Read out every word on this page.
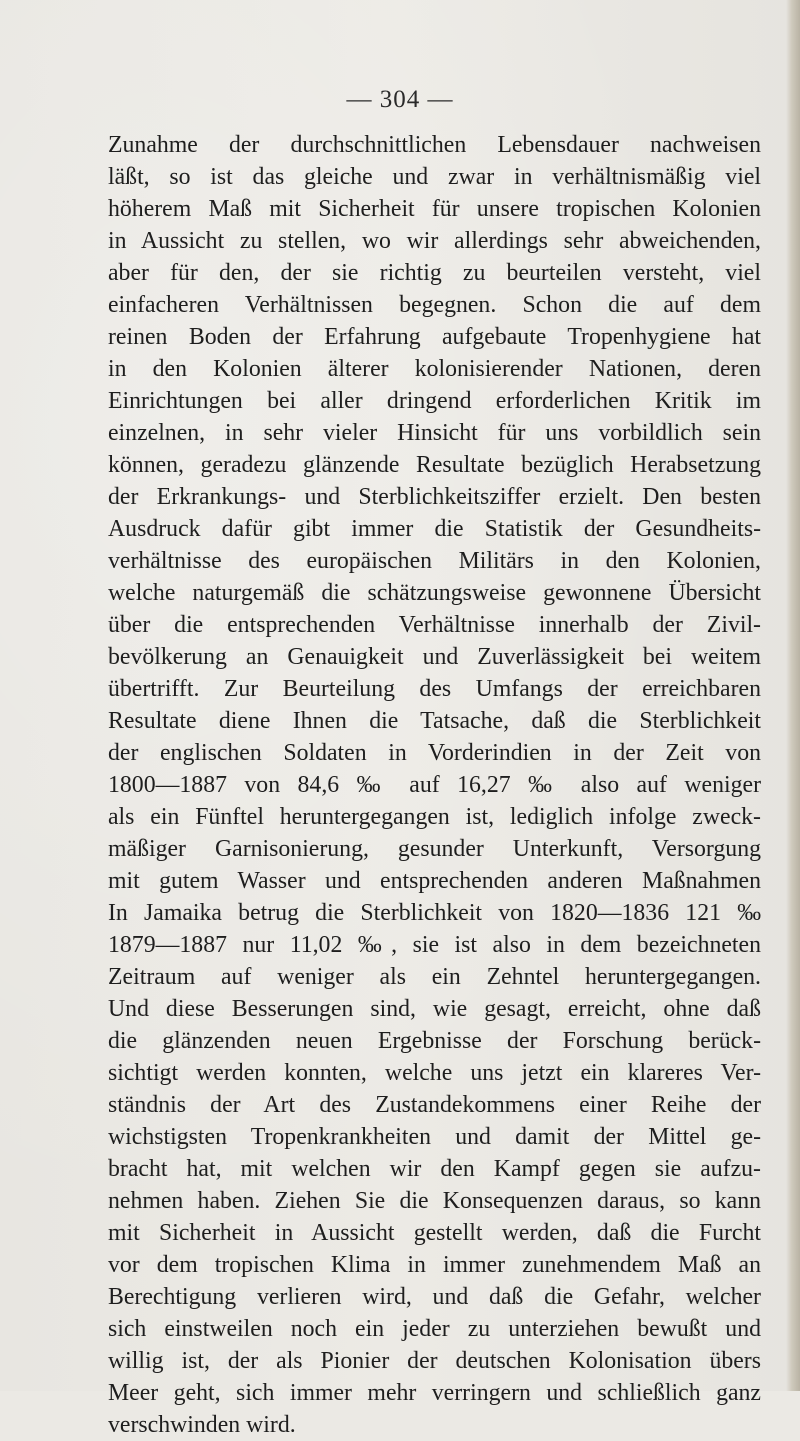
— 304 —
Zunahme der durchschnittlichen Lebensdauer nachweisen
läßt, so ist das gleiche und zwar in verhältnismäßig viel
höherem Maß mit Sicherheit für unsere tropischen Kolonien
in Aussicht zu stellen, wo wir allerdings sehr abweichenden,
aber für den, der sie richtig zu beurteilen versteht, viel
einfacheren Verhältnissen begegnen. Schon die auf dem
reinen Boden der Erfahrung aufgebaute Tropenhygiene hat
in den Kolonien älterer kolonisierender Nationen, deren
Einrichtungen bei aller dringend erforderlichen Kritik im
einzelnen, in sehr vieler Hinsicht für uns vorbildlich sein
können, geradezu glänzende Resultate bezüglich Herabsetzung
der Erkrankungs- und Sterblichkeitsziffer erzielt. Den besten
Ausdruck dafür gibt immer die Statistik der Gesundheits-
verhältnisse des europäischen Militärs in den Kolonien,
welche naturgemäß die schätzungsweise gewonnene Übersicht
über die entsprechenden Verhältnisse innerhalb der Zivil-
bevölkerung an Genauigkeit und Zuverlässigkeit bei weitem
übertrifft. Zur Beurteilung des Umfangs der erreichbaren
Resultate diene Ihnen die Tatsache, daß die Sterblichkeit
der englischen Soldaten in Vorderindien in der Zeit von
1800—1887 von 84,6 ‰ auf 16,27 ‰ also auf weniger
als ein Fünftel heruntergegangen ist, lediglich infolge zweck-
mäßiger Garnisonierung, gesunder Unterkunft, Versorgung
mit gutem Wasser und entsprechenden anderen Maßnahmen
In Jamaika betrug die Sterblichkeit von 1820—1836 121 ‰
1879—1887 nur 11,02 ‰, sie ist also in dem bezeichneten
Zeitraum auf weniger als ein Zehntel heruntergegangen.
Und diese Besserungen sind, wie gesagt, erreicht, ohne daß
die glänzenden neuen Ergebnisse der Forschung berück-
sichtigt werden konnten, welche uns jetzt ein klareres Ver-
ständnis der Art des Zustandekommens einer Reihe der
wichstigsten Tropenkrankheiten und damit der Mittel ge-
bracht hat, mit welchen wir den Kampf gegen sie aufzu-
nehmen haben. Ziehen Sie die Konsequenzen daraus, so kann
mit Sicherheit in Aussicht gestellt werden, daß die Furcht
vor dem tropischen Klima in immer zunehmendem Maß an
Berechtigung verlieren wird, und daß die Gefahr, welcher
sich einstweilen noch ein jeder zu unterziehen bewußt und
willig ist, der als Pionier der deutschen Kolonisation übers
Meer geht, sich immer mehr verringern und schließlich ganz
verschwinden wird.
